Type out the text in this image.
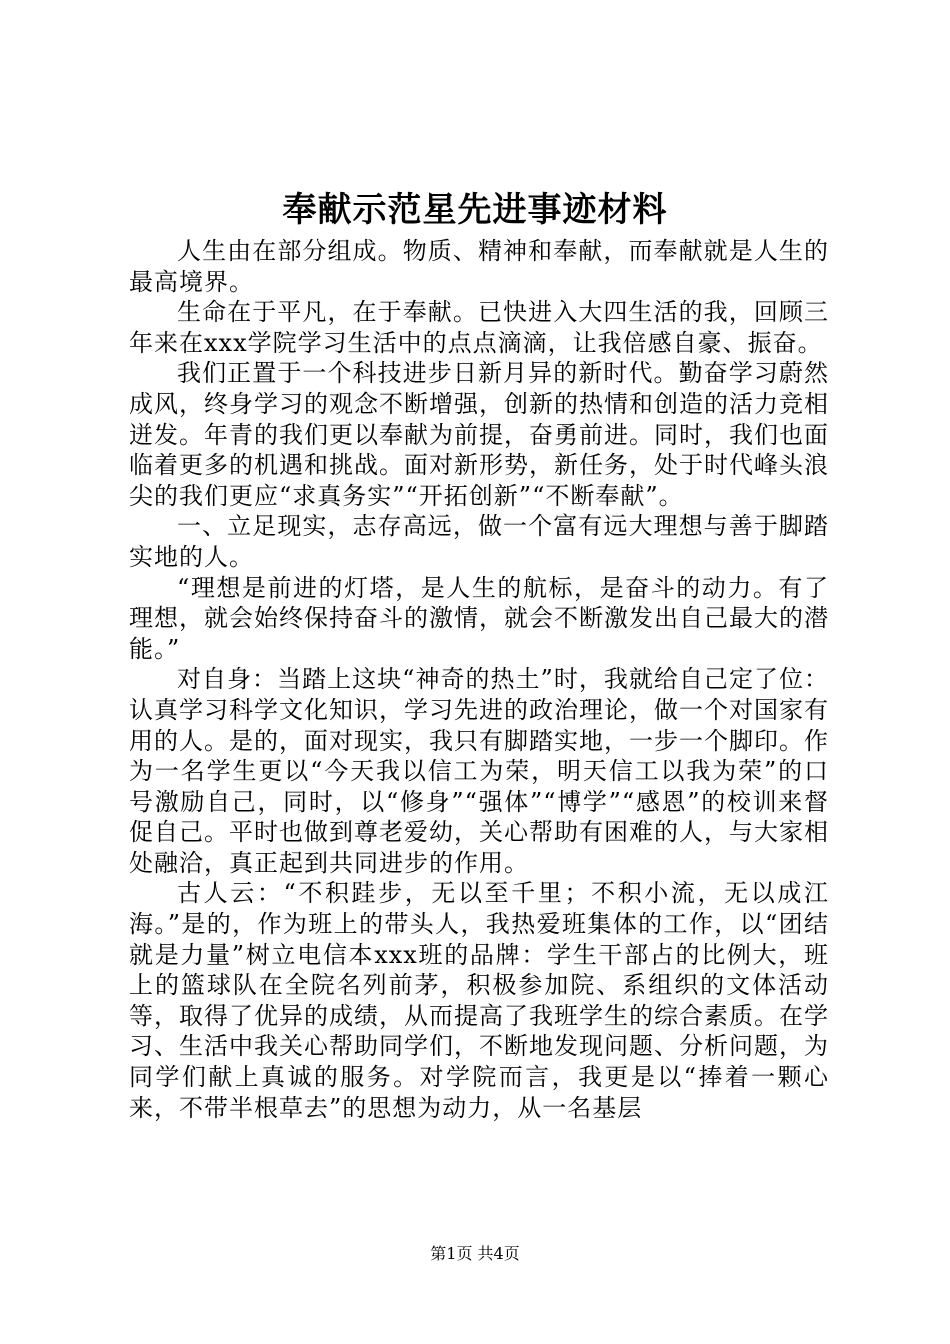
奉献示范星先进事迹材料

人生由在部分组成。物质、精神和奉献，而奉献就是人生的最高境界。

生命在于平凡，在于奉献。已快进入大四生活的我，回顾三年来在xxx学院学习生活中的点点滴滴，让我倍感自豪、振奋。

我们正置于一个科技进步日新月异的新时代。勤奋学习蔚然成风，终身学习的观念不断增强，创新的热情和创造的活力竞相迸发。年青的我们更以奉献为前提，奋勇前进。同时，我们也面临着更多的机遇和挑战。面对新形势，新任务，处于时代峰头浪尖的我们更应“求真务实”“开拓创新”“不断奉献”。

一、立足现实，志存高远，做一个富有远大理想与善于脚踏实地的人。

“理想是前进的灯塔，是人生的航标，是奋斗的动力。有了理想，就会始终保持奋斗的激情，就会不断激发出自己最大的潜能。”

对自身：当踏上这块“神奇的热土”时，我就给自己定了位：认真学习科学文化知识，学习先进的政治理论，做一个对国家有用的人。是的，面对现实，我只有脚踏实地，一步一个脚印。作为一名学生更以“今天我以信工为荣，明天信工以我为荣”的口号激励自己，同时，以“修身”“强体”“博学”“感恩”的校训来督促自己。平时也做到尊老爱幼，关心帮助有困难的人，与大家相处融洽，真正起到共同进步的作用。

古人云：“不积跬步，无以至千里；不积小流，无以成江海。”是的，作为班上的带头人，我热爱班集体的工作，以“团结就是力量”树立电信本xxx班的品牌：学生干部占的比例大，班上的篮球队在全院名列前茅，积极参加院、系组织的文体活动等，取得了优异的成绩，从而提高了我班学生的综合素质。在学习、生活中我关心帮助同学们，不断地发现问题、分析问题，为同学们献上真诚的服务。对学院而言，我更是以“捧着一颗心来，不带半根草去”的思想为动力，从一名基层

第1页 共4页
